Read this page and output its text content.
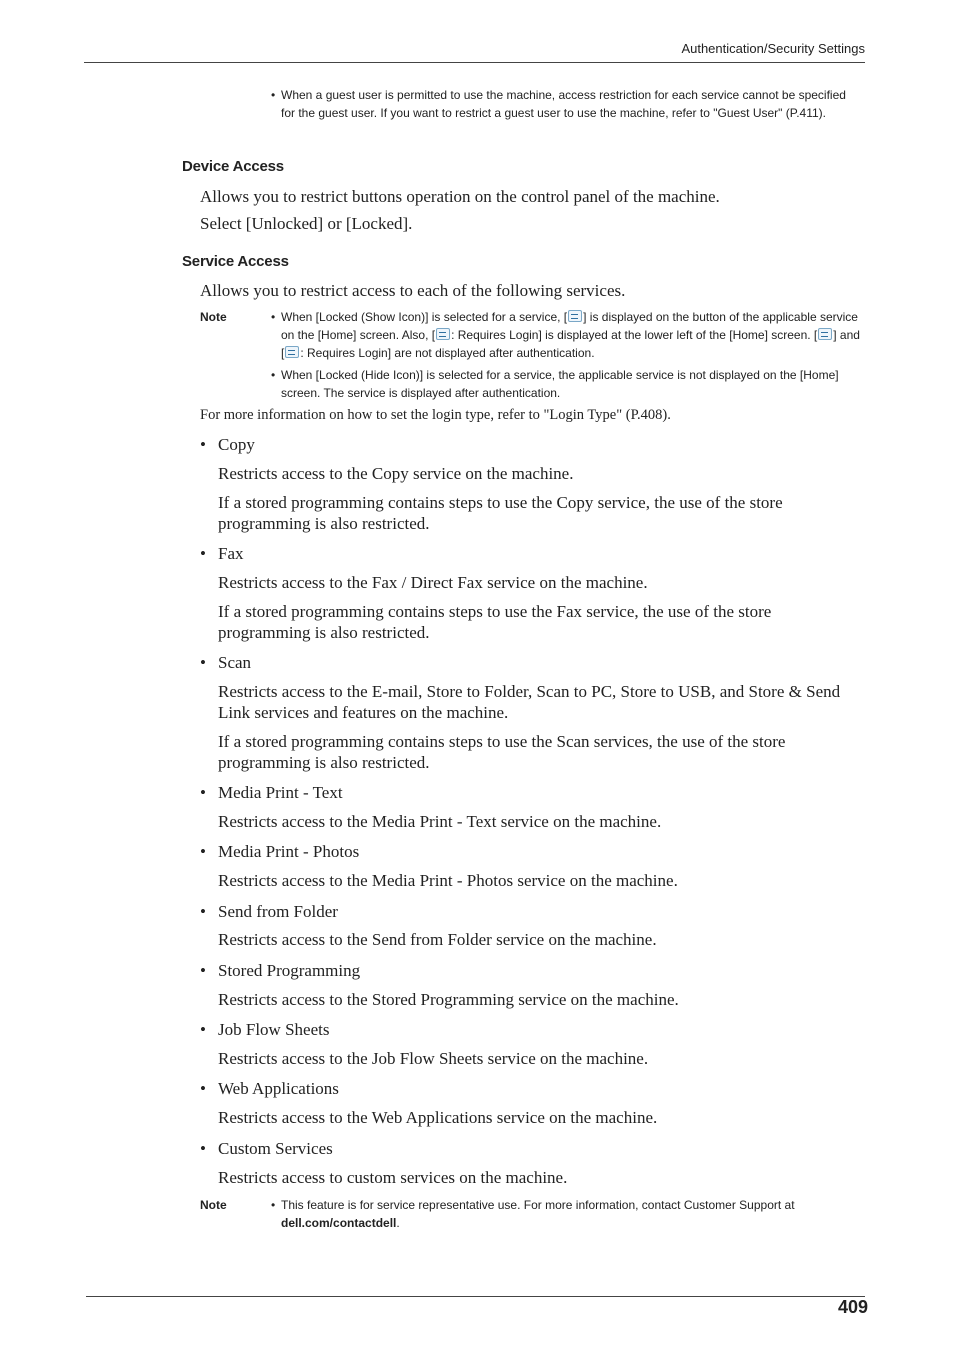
Authentication/Security Settings
• When a guest user is permitted to use the machine, access restriction for each service cannot be specified for the guest user. If you want to restrict a guest user to use the machine, refer to "Guest User" (P.411).
Device Access
Allows you to restrict buttons operation on the control panel of the machine.
Select [Unlocked] or [Locked].
Service Access
Allows you to restrict access to each of the following services.
Note	• When [Locked (Show Icon)] is selected for a service, [ ] is displayed on the button of the applicable service on the [Home] screen. Also, [ : Requires Login] is displayed at the lower left of the [Home] screen. [ ] and [ : Requires Login] are not displayed after authentication.
• When [Locked (Hide Icon)] is selected for a service, the applicable service is not displayed on the [Home] screen. The service is displayed after authentication.
For more information on how to set the login type, refer to "Login Type" (P.408).
• Copy
Restricts access to the Copy service on the machine.
If a stored programming contains steps to use the Copy service, the use of the store programming is also restricted.
• Fax
Restricts access to the Fax / Direct Fax service on the machine.
If a stored programming contains steps to use the Fax service, the use of the store programming is also restricted.
• Scan
Restricts access to the E-mail, Store to Folder, Scan to PC, Store to USB, and Store & Send Link services and features on the machine.
If a stored programming contains steps to use the Scan services, the use of the store programming is also restricted.
• Media Print - Text
Restricts access to the Media Print - Text service on the machine.
• Media Print - Photos
Restricts access to the Media Print - Photos service on the machine.
• Send from Folder
Restricts access to the Send from Folder service on the machine.
• Stored Programming
Restricts access to the Stored Programming service on the machine.
• Job Flow Sheets
Restricts access to the Job Flow Sheets service on the machine.
• Web Applications
Restricts access to the Web Applications service on the machine.
• Custom Services
Restricts access to custom services on the machine.
Note	• This feature is for service representative use. For more information, contact Customer Support at dell.com/contactdell.
409
